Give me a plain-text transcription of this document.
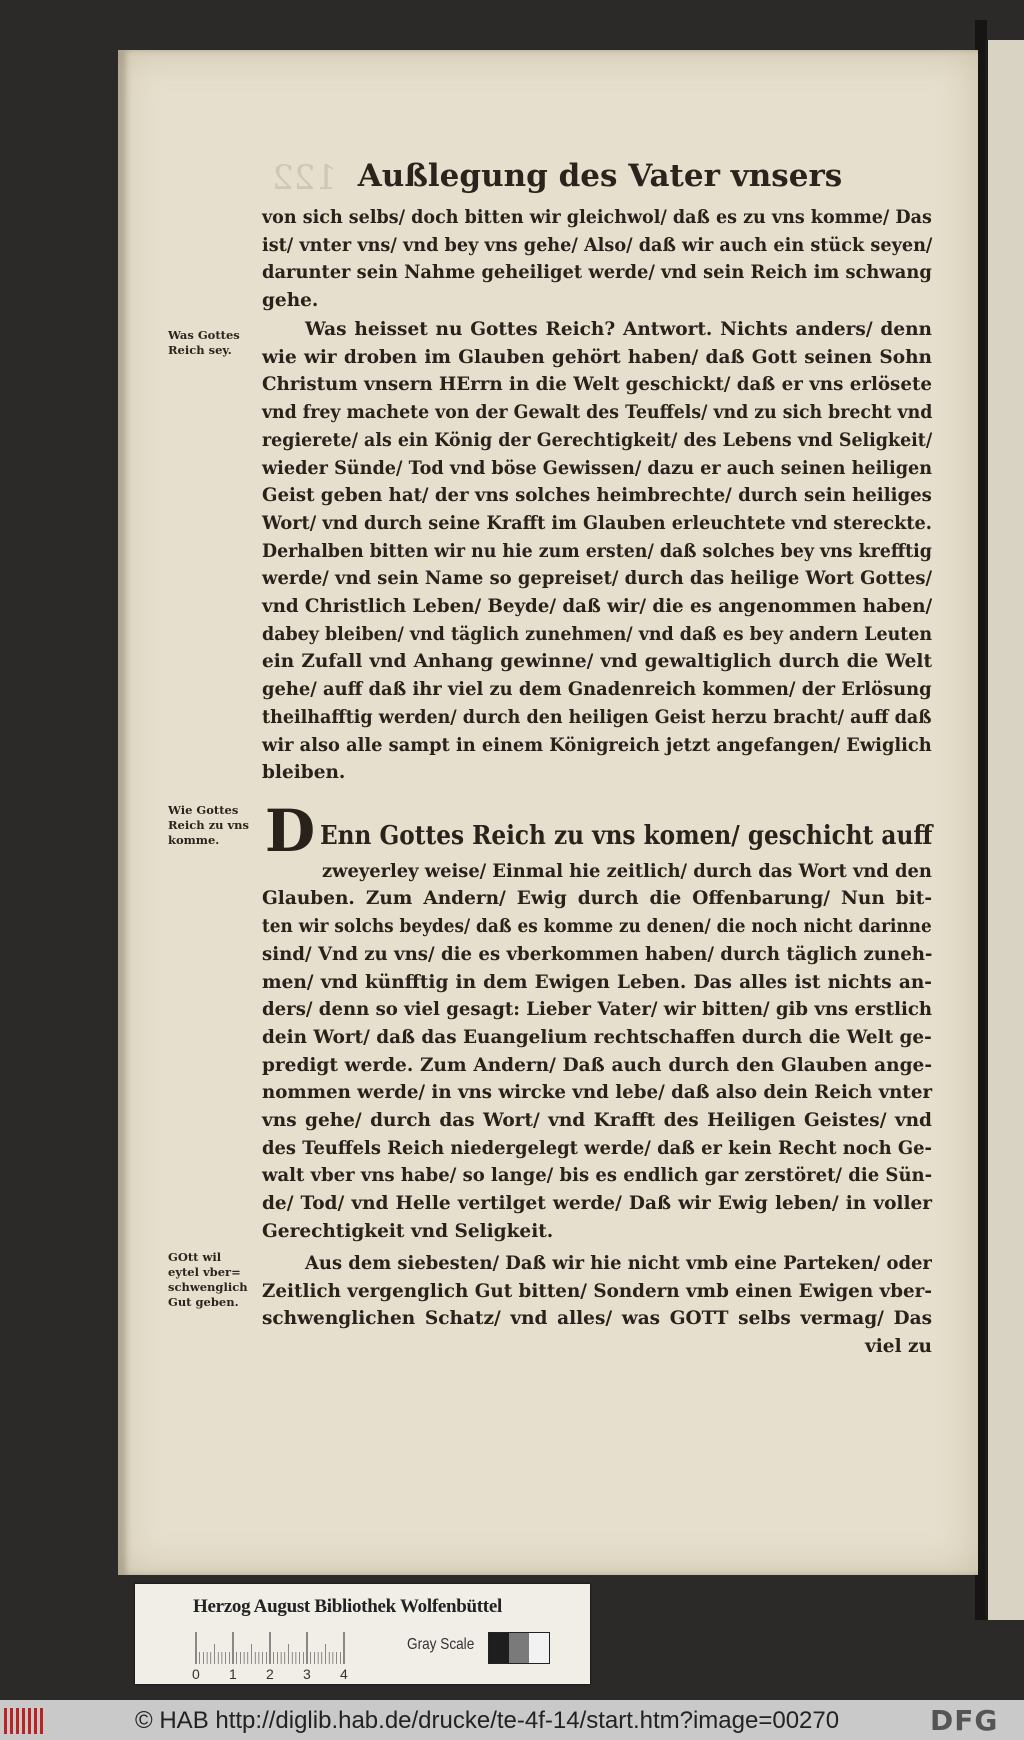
122 Außlegung des Vater vnsers
von sich selbs/ doch bitten wir gleichwol/ daß es zu vns komme/ Das
ist/ vnter vns/ vnd bey vns gehe/ Also/ daß wir auch ein stück seyen/
darunter sein Nahme geheiliget werde/ vnd sein Reich im schwang
gehe.
Was heisset nu Gottes Reich? Antwort. Nichts anders/ denn
wie wir droben im Glauben gehört haben/ daß Gott seinen Sohn
Christum vnsern HErrn in die Welt geschickt/ daß er vns erlösete
vnd frey machete von der Gewalt des Teuffels/ vnd zu sich brecht vnd
regierete/ als ein König der Gerechtigkeit/ des Lebens vnd Seligkeit/
wieder Sünde/ Tod vnd böse Gewissen/ dazu er auch seinen heiligen
Geist geben hat/ der vns solches heimbrechte/ durch sein heiliges
Wort/ vnd durch seine Krafft im Glauben erleuchtete vnd stereckte.
Derhalben bitten wir nu hie zum ersten/ daß solches bey vns krefftig
werde/ vnd sein Name so gepreiset/ durch das heilige Wort Gottes/
vnd Christlich Leben/ Beyde/ daß wir/ die es angenommen haben/
dabey bleiben/ vnd täglich zunehmen/ vnd daß es bey andern Leuten
ein Zufall vnd Anhang gewinne/ vnd gewaltiglich durch die Welt
gehe/ auff daß ihr viel zu dem Gnadenreich kommen/ der Erlösung
theilhafftig werden/ durch den heiligen Geist herzu bracht/ auff daß
wir also alle sampt in einem Königreich jetzt angefangen/ Ewiglich
bleiben.
Enn Gottes Reich zu vns komen/ geschicht auff
zweyerley weise/ Einmal hie zeitlich/ durch das Wort vnd den
Glauben. Zum Andern/ Ewig durch die Offenbarung/ Nun bit-
ten wir solchs beydes/ daß es komme zu denen/ die noch nicht darinne
sind/ Vnd zu vns/ die es vberkommen haben/ durch täglich zuneh-
men/ vnd künfftig in dem Ewigen Leben. Das alles ist nichts an-
ders/ denn so viel gesagt: Lieber Vater/ wir bitten/ gib vns erstlich
dein Wort/ daß das Euangelium rechtschaffen durch die Welt ge-
predigt werde. Zum Andern/ Daß auch durch den Glauben ange-
nommen werde/ in vns wircke vnd lebe/ daß also dein Reich vnter
vns gehe/ durch das Wort/ vnd Krafft des Heiligen Geistes/ vnd
des Teuffels Reich niedergelegt werde/ daß er kein Recht noch Ge-
walt vber vns habe/ so lange/ bis es endlich gar zerstöret/ die Sün-
de/ Tod/ vnd Helle vertilget werde/ Daß wir Ewig leben/ in voller
Gerechtigkeit vnd Seligkeit.
Aus dem siebesten/ Daß wir hie nicht vmb eine Parteken/ oder
Zeitlich vergenglich Gut bitten/ Sondern vmb einen Ewigen vber-
schwenglichen Schatz/ vnd alles/ was GOTT selbs vermag/ Das
viel zu
D
Herzog August Bibliothek Wolfenbüttel
0 1 2 3 4
Gray Scale
© HAB http://diglib.hab.de/drucke/te-4f-14/start.htm?image=00270	DFG
Was Gottes
Reich sey.
Wie Gottes
Reich zu vns
komme.
GOtt wil
eytel vber=
schwenglich
Gut geben.
